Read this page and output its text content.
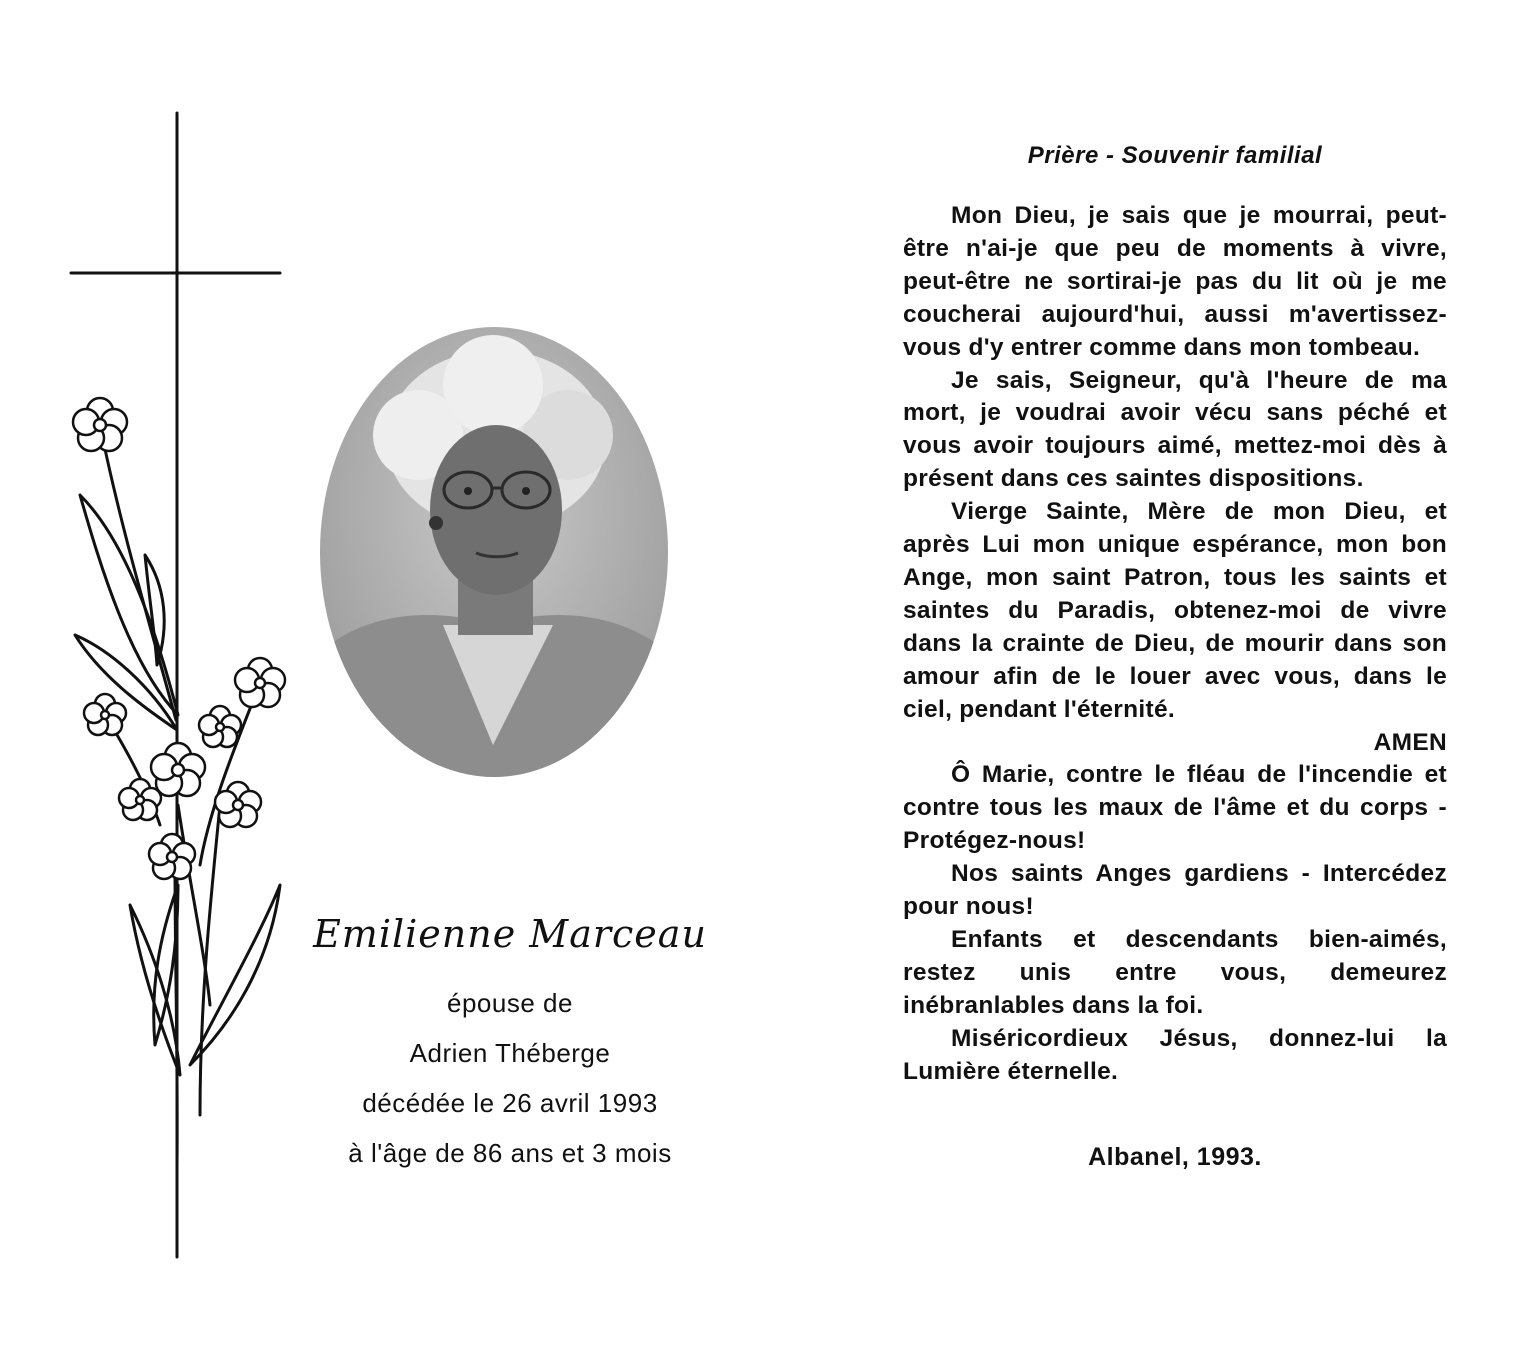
Emilienne Marceau
épouse de
Adrien Théberge
décédée le 26 avril 1993
à l'âge de 86 ans et 3 mois
Prière - Souvenir familial

Mon Dieu, je sais que je mourrai, peut-être n'ai-je que peu de moments à vivre, peut-être ne sortirai-je pas du lit où je me coucherai aujourd'hui, aussi m'avertissez-vous d'y entrer comme dans mon tombeau.

Je sais, Seigneur, qu'à l'heure de ma mort, je voudrai avoir vécu sans péché et vous avoir toujours aimé, mettez-moi dès à présent dans ces saintes dispositions.

Vierge Sainte, Mère de mon Dieu, et après Lui mon unique espérance, mon bon Ange, mon saint Patron, tous les saints et saintes du Paradis, obtenez-moi de vivre dans la crainte de Dieu, de mourir dans son amour afin de le louer avec vous, dans le ciel, pendant l'éternité.

AMEN

Ô Marie, contre le fléau de l'incendie et contre tous les maux de l'âme et du corps - Protégez-nous!

Nos saints Anges gardiens - Intercédez pour nous!

Enfants et descendants bien-aimés, restez unis entre vous, demeurez inébranlables dans la foi.

Miséricordieux Jésus, donnez-lui la Lumière éternelle.

Albanel, 1993.
